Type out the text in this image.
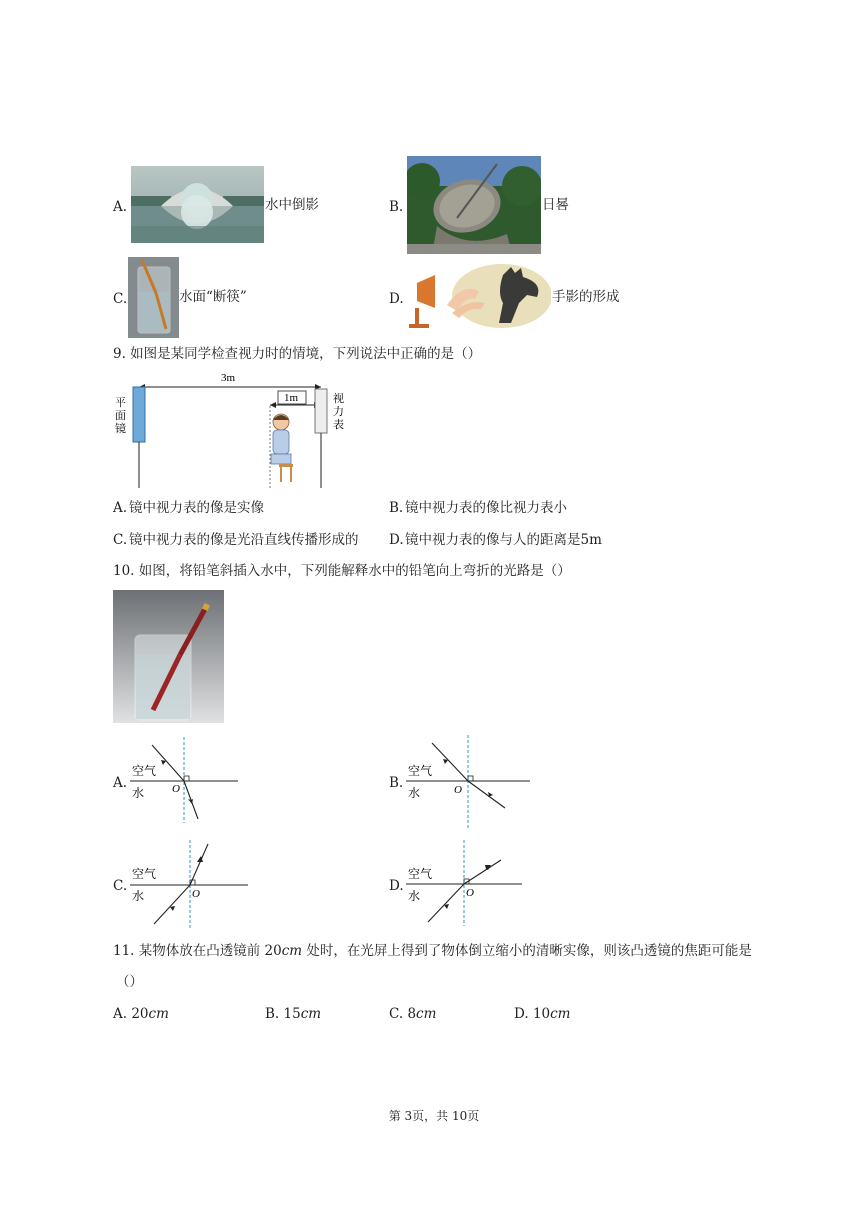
A.	水中倒影	B.	日晷
C.	水面“断筷”	D.	手影的形成
9. 如图是某同学检查视力时的情境，下列说法中正确的是（）
3m
1m
平
面
镜
视
力
表
A. 镜中视力表的像是实像	B. 镜中视力表的像比视力表小
C. 镜中视力表的像是光沿直线传播形成的 D. 镜中视力表的像与人的距离是5m
10. 如图，将铅笔斜插入水中，下列能解释水中的铅笔向上弯折的光路是（）
A.
空气
水	O	B.
空气
水	O
C.
空气
水	O	D.
空气
水	O
11. 某物体放在凸透镜前 20cm 处时，在光屏上得到了物体倒立缩小的清晰实像，则该凸透镜的焦距可能是
（）
A. 20cm	B. 15cm	C. 8cm	D. 10cm
第 3页，共 10页
